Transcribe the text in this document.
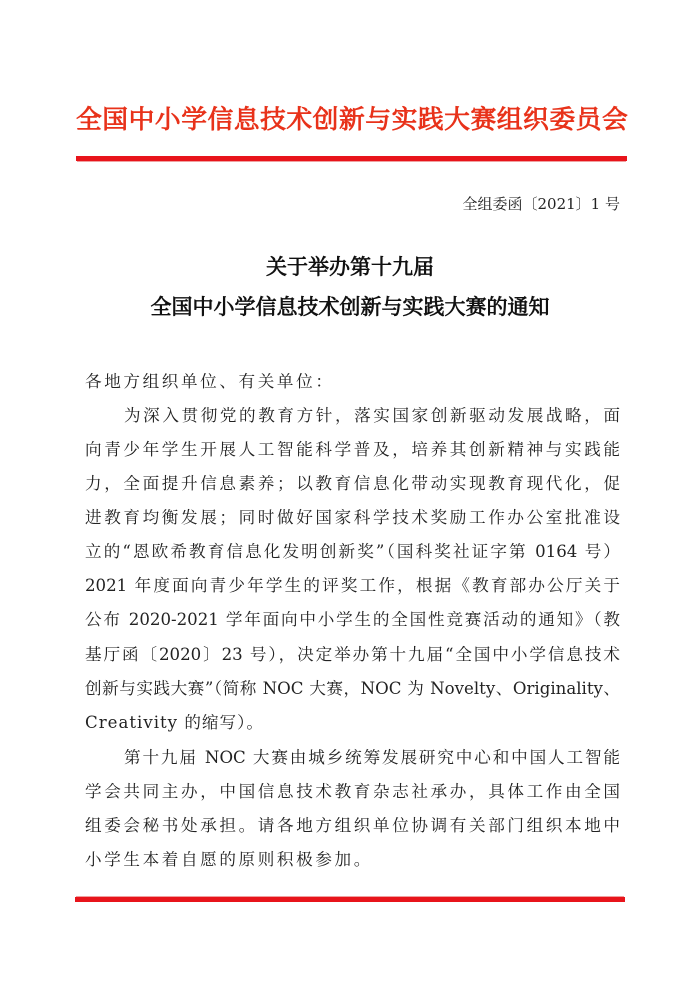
全国中小学信息技术创新与实践大赛组织委员会
全组委函〔2021〕1 号
关于举办第十九届
全国中小学信息技术创新与实践大赛的通知
各地方组织单位、有关单位：
为深入贯彻党的教育方针，落实国家创新驱动发展战略，面
向青少年学生开展人工智能科学普及，培养其创新精神与实践能
力，全面提升信息素养；以教育信息化带动实现教育现代化，促
进教育均衡发展；同时做好国家科学技术奖励工作办公室批准设
立的“恩欧希教育信息化发明创新奖”（国科奖社证字第 0164 号）
2021 年度面向青少年学生的评奖工作，根据《教育部办公厅关于
公布 2020-2021 学年面向中小学生的全国性竞赛活动的通知》（教
基厅函〔2020〕23 号），决定举办第十九届“全国中小学信息技术
创新与实践大赛”（简称 NOC 大赛，NOC 为 Novelty、Originality、
Creativity 的缩写）。
第十九届 NOC 大赛由城乡统筹发展研究中心和中国人工智能
学会共同主办，中国信息技术教育杂志社承办，具体工作由全国
组委会秘书处承担。请各地方组织单位协调有关部门组织本地中
小学生本着自愿的原则积极参加。
